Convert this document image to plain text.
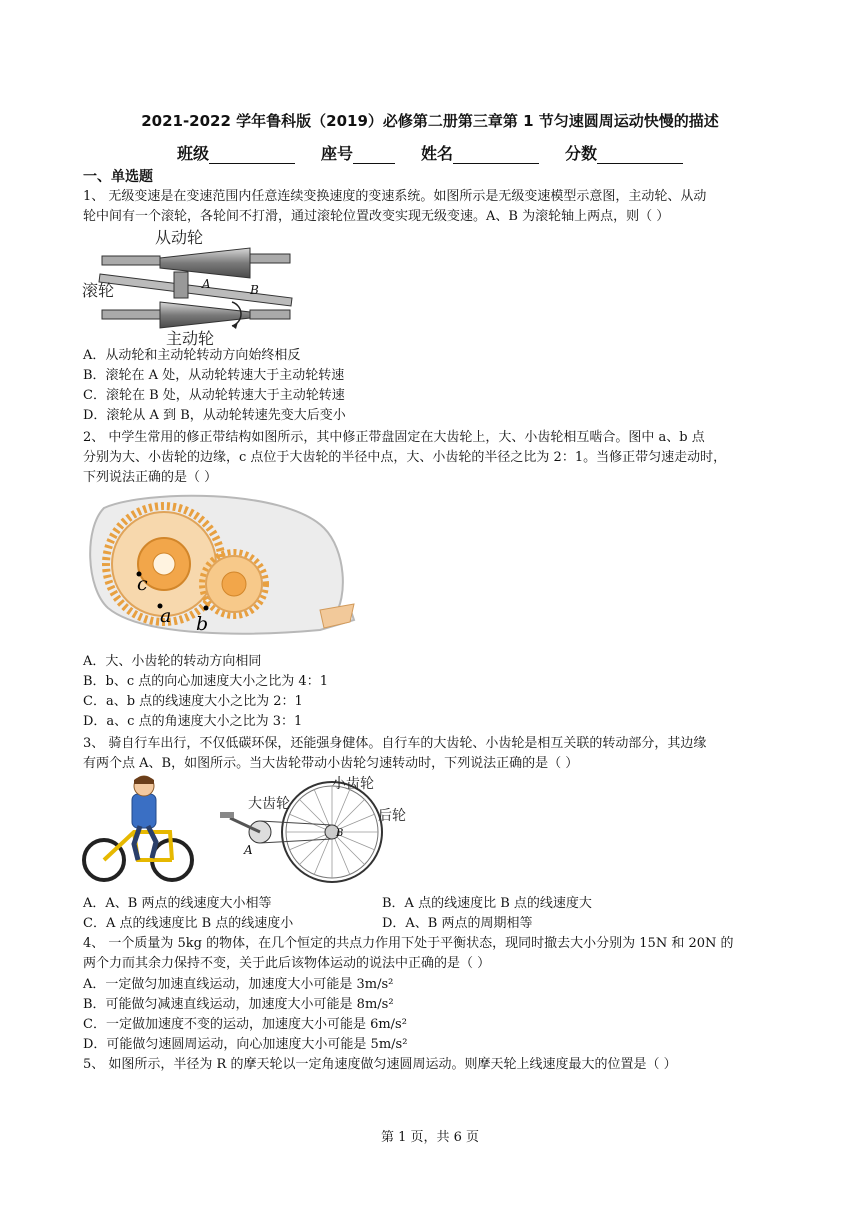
2021-2022 学年鲁科版（2019）必修第二册第三章第 1 节匀速圆周运动快慢的描述
班级	座号	姓名	分数
一、单选题
1、 无级变速是在变速范围内任意连续变换速度的变速系统。如图所示是无级变速模型示意图，主动轮、从动
轮中间有一个滚轮，各轮间不打滑，通过滚轮位置改变实现无级变速。A、B 为滚轮轴上两点，则（ ）
从动轮
滚轮	A	B
主动轮
A．从动轮和主动轮转动方向始终相反
B．滚轮在 A 处，从动轮转速大于主动轮转速
C．滚轮在 B 处，从动轮转速大于主动轮转速
D．滚轮从 A 到 B，从动轮转速先变大后变小
2、 中学生常用的修正带结构如图所示，其中修正带盘固定在大齿轮上，大、小齿轮相互啮合。图中 a、b 点
分别为大、小齿轮的边缘，c 点位于大齿轮的半径中点，大、小齿轮的半径之比为 2：1。当修正带匀速走动时，
下列说法正确的是（ ）
c
a b
A．大、小齿轮的转动方向相同
B．b、c 点的向心加速度大小之比为 4：1
C．a、b 点的线速度大小之比为 2：1
D．a、c 点的角速度大小之比为 3：1
3、 骑自行车出行，不仅低碳环保，还能强身健体。自行车的大齿轮、小齿轮是相互关联的转动部分，其边缘
有两个点 A、B，如图所示。当大齿轮带动小齿轮匀速转动时，下列说法正确的是（ ）
小齿轮
大齿轮
后轮
A
B
A．A、B 两点的线速度大小相等	B．A 点的线速度比 B 点的线速度大
C．A 点的线速度比 B 点的线速度小	D．A、B 两点的周期相等
4、 一个质量为 5kg 的物体，在几个恒定的共点力作用下处于平衡状态，现同时撤去大小分别为 15N 和 20N 的
两个力而其余力保持不变，关于此后该物体运动的说法中正确的是（ ）
A．一定做匀加速直线运动，加速度大小可能是 3m/s²
B．可能做匀减速直线运动，加速度大小可能是 8m/s²
C．一定做加速度不变的运动，加速度大小可能是 6m/s²
D．可能做匀速圆周运动，向心加速度大小可能是 5m/s²
5、 如图所示，半径为 R 的摩天轮以一定角速度做匀速圆周运动。则摩天轮上线速度最大的位置是（ ）
第 1 页，共 6 页
